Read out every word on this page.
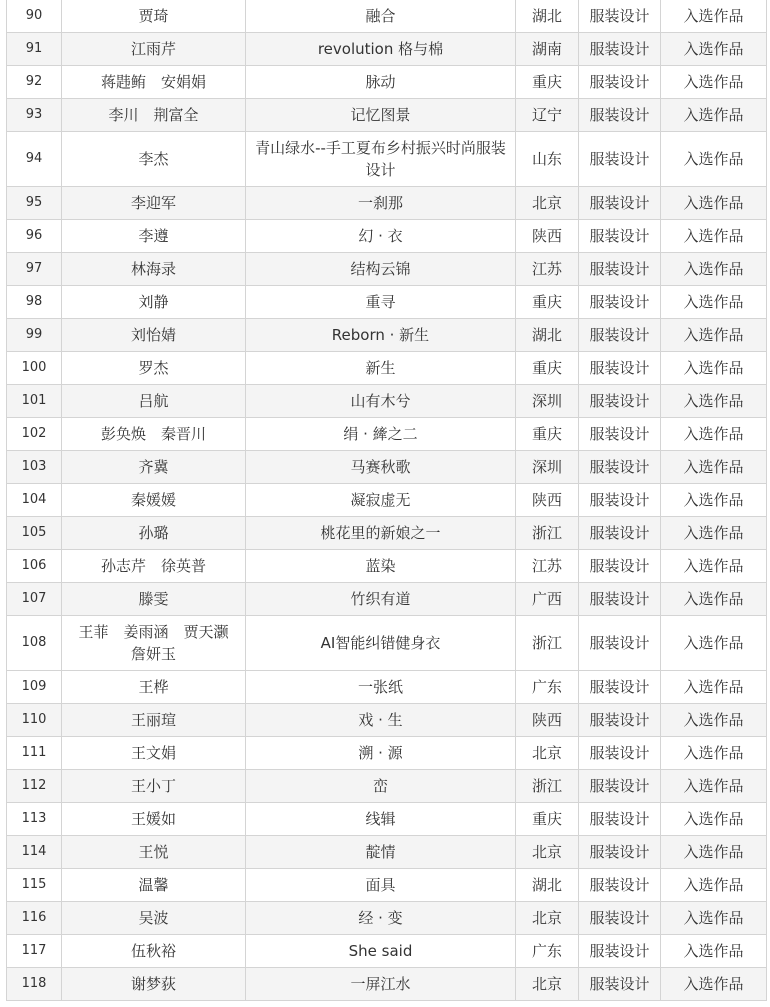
90	贾琦	融合	湖北	服装设计	入选作品
91	江雨芹	revolution 格与棉	湖南	服装设计	入选作品
92	蒋韪鲔　安娟娟	脉动	重庆	服装设计	入选作品
93	李川　荆富全	记忆图景	辽宁	服装设计	入选作品
94	李杰	青山绿水--手工夏布乡村振兴时尚服装设计	山东	服装设计	入选作品
95	李迎军	一刹那	北京	服装设计	入选作品
96	李遵	幻 · 衣	陕西	服装设计	入选作品
97	林海录	结构云锦	江苏	服装设计	入选作品
98	刘静	重寻	重庆	服装设计	入选作品
99	刘怡婧	Reborn · 新生	湖北	服装设计	入选作品
100	罗杰	新生	重庆	服装设计	入选作品
101	吕航	山有木兮	深圳	服装设计	入选作品
102	彭奂焕　秦晋川	绢 · 縴之二	重庆	服装设计	入选作品
103	齐冀	马赛秋歌	深圳	服装设计	入选作品
104	秦媛媛	凝寂虚无	陕西	服装设计	入选作品
105	孙璐	桃花里的新娘之一	浙江	服装设计	入选作品
106	孙志芹　徐英普	蓝染	江苏	服装设计	入选作品
107	滕雯	竹织有道	广西	服装设计	入选作品
108	王菲　姜雨涵　贾天灏　詹妍玉	AI智能纠错健身衣	浙江	服装设计	入选作品
109	王桦	一张纸	广东	服装设计	入选作品
110	王丽瑄	戏 · 生	陕西	服装设计	入选作品
111	王文娟	溯 · 源	北京	服装设计	入选作品
112	王小丁	峦	浙江	服装设计	入选作品
113	王媛如	线辑	重庆	服装设计	入选作品
114	王悦	靛情	北京	服装设计	入选作品
115	温馨	面具	湖北	服装设计	入选作品
116	吴波	经 · 变	北京	服装设计	入选作品
117	伍秋裕	She said	广东	服装设计	入选作品
118	谢梦荻	一屏江水	北京	服装设计	入选作品
